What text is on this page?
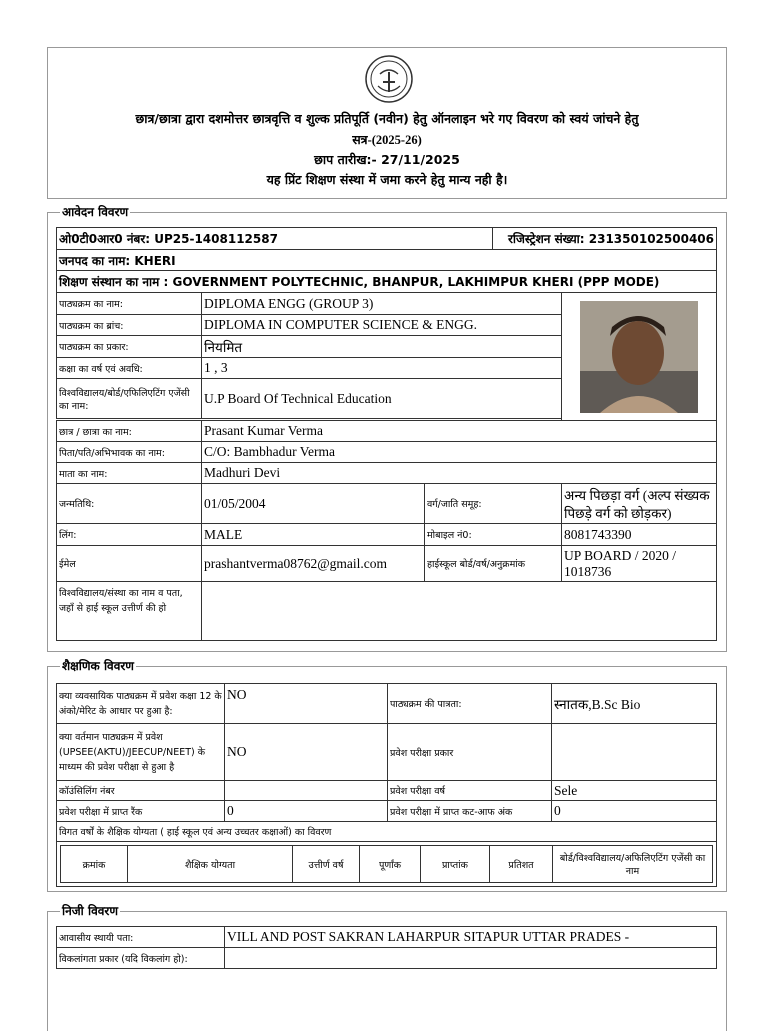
छात्र/छात्रा द्वारा दशमोत्तर छात्रवृत्ति व शुल्क प्रतिपूर्ति (नवीन) हेतु ऑनलाइन भरे गए विवरण को स्वयं जांचने हेतु
सत्र-(2025-26)
छाप तारीख:- 27/11/2025
यह प्रिंट शिक्षण संस्था में जमा करने हेतु मान्य नही है।
आवेदन विवरण
ओ0टी0आर0 नंबर: UP25-1408112587			रजिस्ट्रेशन संख्या: 231350102500406	
जनपद का नाम: KHERI				
शिक्षण संस्थान का नाम : GOVERNMENT POLYTECHNIC, BHANPUR, LAKHIMPUR KHERI (PPP MODE)				
पाठ्यक्रम का नाम:	DIPLOMA ENGG (GROUP 3)	

पाठ्यक्रम का ब्रांच:	DIPLOMA IN COMPUTER SCIENCE & ENGG.			
पाठ्यक्रम का प्रकार:	नियमित			
कक्षा का वर्ष एवं अवधि:	1 , 3			
विश्वविद्यालय/बोर्ड/एफिलिएटिंग एजेंसी का नाम:	U.P Board Of Technical Education			

छात्र / छात्रा का नाम:	Prasant Kumar Verma			
पिता/पति/अभिभावक का नाम:	C/O: Bambhadur Verma			
माता का नाम:	Madhuri Devi			
जन्मतिथि:	01/05/2004	वर्ग/जाति समूह:		अन्य पिछड़ा वर्ग (अल्प संख्यक पिछड़े वर्ग को छोड़कर)
लिंग:	MALE	मोबाइल नं0:		8081743390
ईमेल	prashantverma08762@gmail.com	हाईस्कूल बोर्ड/वर्ष/अनुक्रमांक		UP BOARD / 2020 / 1018736
विश्वविद्यालय/संस्था का नाम व पता, जहाँ से हाई स्कूल उत्तीर्ण की हो				
शैक्षणिक विवरण
क्या व्यवसायिक पाठ्यक्रम में प्रवेश कक्षा 12 के अंको/मेरिट के आधार पर हुआ है:	NO	पाठ्यक्रम की पात्रता:	स्नातक,B.Sc Bio
क्या वर्तमान पाठ्यक्रम में प्रवेश (UPSEE(AKTU)/JEECUP/NEET) के माध्यम की प्रवेश परीक्षा से हुआ है	NO	प्रवेश परीक्षा प्रकार	
कॉउंसिलिंग नंबर		प्रवेश परीक्षा वर्ष	Sele
प्रवेश परीक्षा में प्राप्त रैंक	0	प्रवेश परीक्षा में प्राप्त कट-आफ अंक	0
विगत वर्षों के शैक्षिक योग्यता ( हाई स्कूल एवं अन्य उच्चतर कक्षाओं) का विवरण

क्रमांक	शैक्षिक योग्यता	उत्तीर्ण वर्ष	पूर्णांक	प्राप्तांक	प्रतिशत	बोर्ड/विश्वविद्यालय/अफिलिएटिंग एजेंसी का नाम
निजी विवरण
आवासीय स्थायी पता:	VILL AND POST SAKRAN LAHARPUR SITAPUR UTTAR PRADES -
विकलांगता प्रकार (यदि विकलांग हो):	
